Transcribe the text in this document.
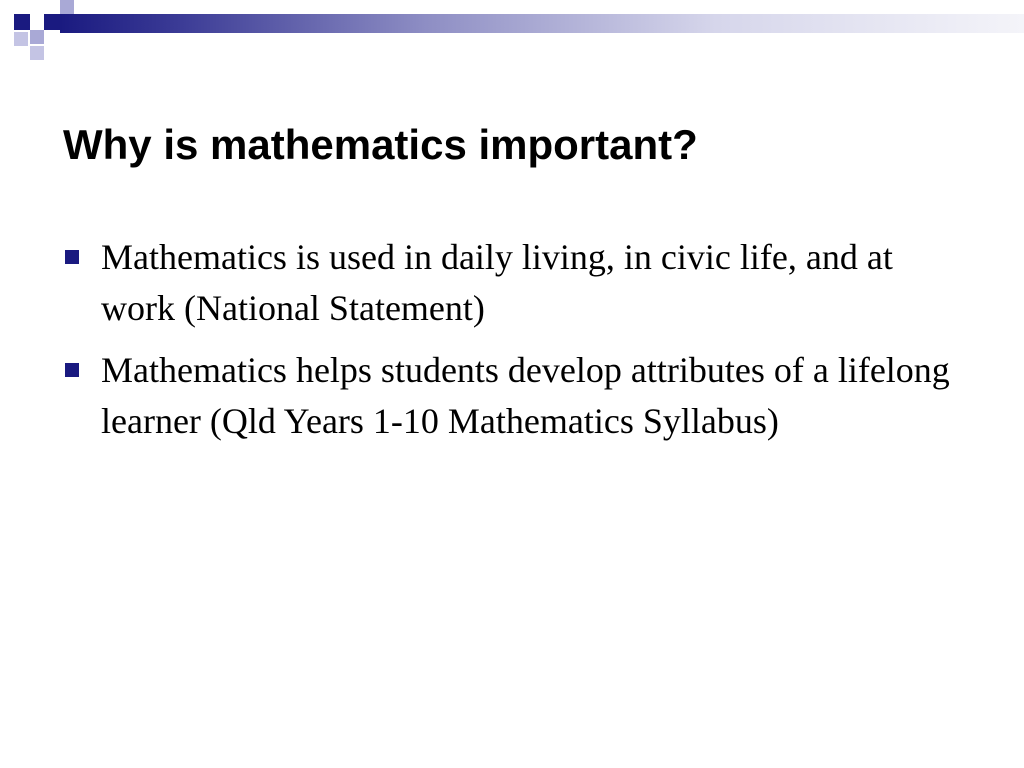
Why is mathematics important?
Mathematics is used in daily living, in civic life, and at work (National Statement)
Mathematics helps students develop attributes of a lifelong learner (Qld Years 1-10 Mathematics Syllabus)
